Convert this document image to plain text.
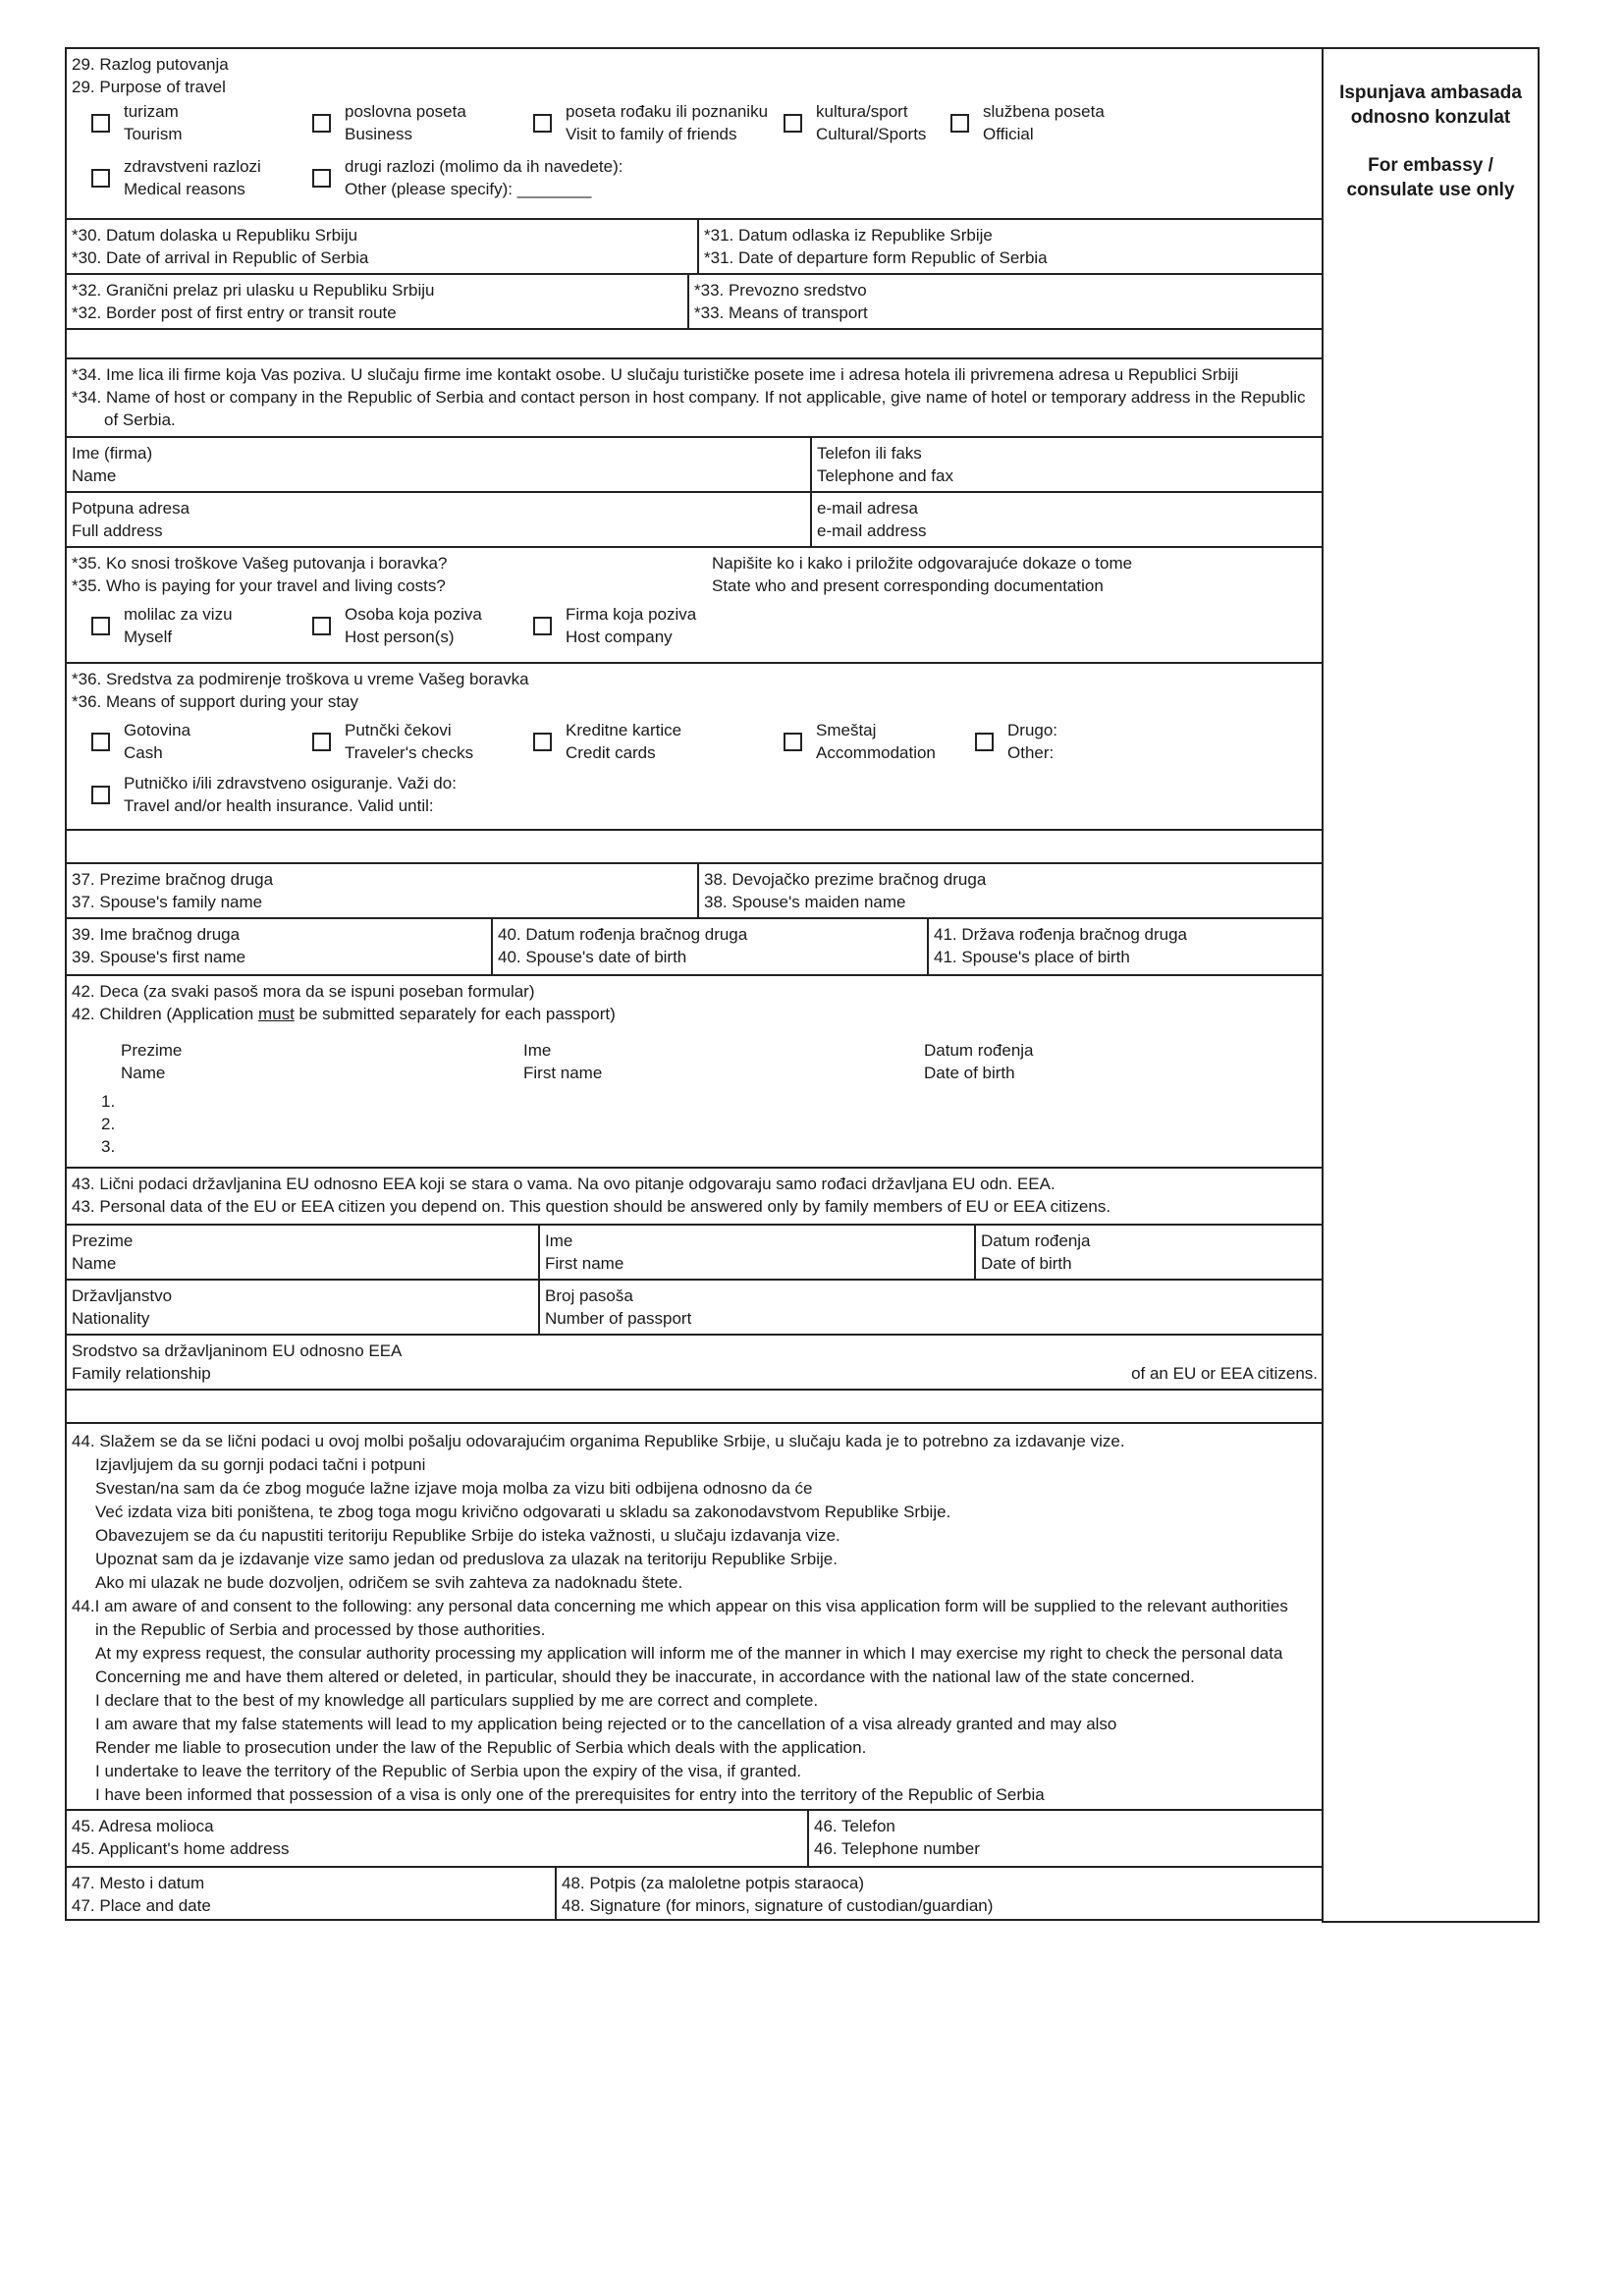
Ispunjava ambasada odnosno konzulat

For embassy / consulate use only

29. Razlog putovanja
29. Purpose of travel
turizam
Tourism
poslovna poseta
Business
poseta rođaku ili poznaniku
Visit to family of friends
kultura/sport
Cultural/Sports
službena poseta
Official
zdravstveni razlozi
Medical reasons
drugi razlozi (molimo da ih navedete):
Other (please specify): ________
*30. Datum dolaska u Republiku Srbiju
*30. Date of arrival in Republic of Serbia
*31. Datum odlaska iz Republike Srbije
*31. Date of departure form Republic of Serbia
*32. Granični prelaz pri ulasku u Republiku Srbiju
*32. Border post of first entry or transit route
*33. Prevozno sredstvo
*33. Means of transport
*34. Ime lica ili firme koja Vas poziva. U slučaju firme ime kontakt osobe. U slučaju turističke posete ime i adresa hotela ili privremena adresa u Republici Srbiji
*34. Name of host or company in the Republic of Serbia and contact person in host company. If not applicable, give name of hotel or temporary address in the Republic
of Serbia.
Ime (firma)
Name
Telefon ili faks
Telephone and fax
Potpuna adresa
Full address
e-mail adresa
e-mail address
*35. Ko snosi troškove Vašeg putovanja i boravka?
*35. Who is paying for your travel and living costs?
Napišite ko i kako i priložite odgovarajuće dokaze o tome
State who and present corresponding documentation
molilac za vizu
Myself
Osoba koja poziva
Host person(s)
Firma koja poziva
Host company
*36. Sredstva za podmirenje troškova u vreme Vašeg boravka
*36. Means of support during your stay
Gotovina
Cash
Putnčki čekovi
Traveler's checks
Kreditne kartice
Credit cards
Smeštaj
Accommodation
Drugo:
Other:
Putničko i/ili zdravstveno osiguranje. Važi do:
Travel and/or health insurance. Valid until:
37. Prezime bračnog druga
37. Spouse's family name
38. Devojačko prezime bračnog druga
38. Spouse's maiden name
39. Ime bračnog druga
39. Spouse's first name
40. Datum rođenja bračnog druga
40. Spouse's date of birth
41. Država rođenja bračnog druga
41. Spouse's place of birth
42. Deca (za svaki pasoš mora da se ispuni poseban formular)
42. Children (Application must be submitted separately for each passport)
Prezime
Name
Ime
First name
Datum rođenja
Date of birth
1.
2.
3.
43. Lični podaci državljanina EU odnosno EEA koji se stara o vama. Na ovo pitanje odgovaraju samo rođaci državljana EU odn. EEA.
43. Personal data of the EU or EEA citizen you depend on. This question should be answered only by family members of EU or EEA citizens.
Prezime
Name
Ime
First name
Datum rođenja
Date of birth
Državljanstvo
Nationality
Broj pasoša
Number of passport
Srodstvo sa državljaninom EU odnosno EEA
Family relationship	of an EU or EEA citizens.
44. Slažem se da se lični podaci u ovoj molbi pošalju odovarajućim organima Republike Srbije, u slučaju kada je to potrebno za izdavanje vize.
Izjavljujem da su gornji podaci tačni i potpuni
Svestan/na sam da će zbog moguće lažne izjave moja molba za vizu biti odbijena odnosno da će
Već izdata viza biti poništena, te zbog toga mogu krivično odgovarati u skladu sa zakonodavstvom Republike Srbije.
Obavezujem se da ću napustiti teritoriju Republike Srbije do isteka važnosti, u slučaju izdavanja vize.
Upoznat sam da je izdavanje vize samo jedan od preduslova za ulazak na teritoriju Republike Srbije.
Ako mi ulazak ne bude dozvoljen, odričem se svih zahteva za nadoknadu štete.
44.I am aware of and consent to the following: any personal data concerning me which appear on this visa application form will be supplied to the relevant authorities
in the Republic of Serbia and processed by those authorities.
At my express request, the consular authority processing my application will inform me of the manner in which I may exercise my right to check the personal data
Concerning me and have them altered or deleted, in particular, should they be inaccurate, in accordance with the national law of the state concerned.
I declare that to the best of my knowledge all particulars supplied by me are correct and complete.
I am aware that my false statements will lead to my application being rejected or to the cancellation of a visa already granted and may also
Render me liable to prosecution under the law of the Republic of Serbia which deals with the application.
I undertake to leave the territory of the Republic of Serbia upon the expiry of the visa, if granted.
I have been informed that possession of a visa is only one of the prerequisites for entry into the territory of the Republic of Serbia
45. Adresa molioca
45. Applicant's home address
46. Telefon
46. Telephone number
47. Mesto i datum
47. Place and date
48. Potpis (za maloletne potpis staraoca)
48. Signature (for minors, signature of custodian/guardian)
